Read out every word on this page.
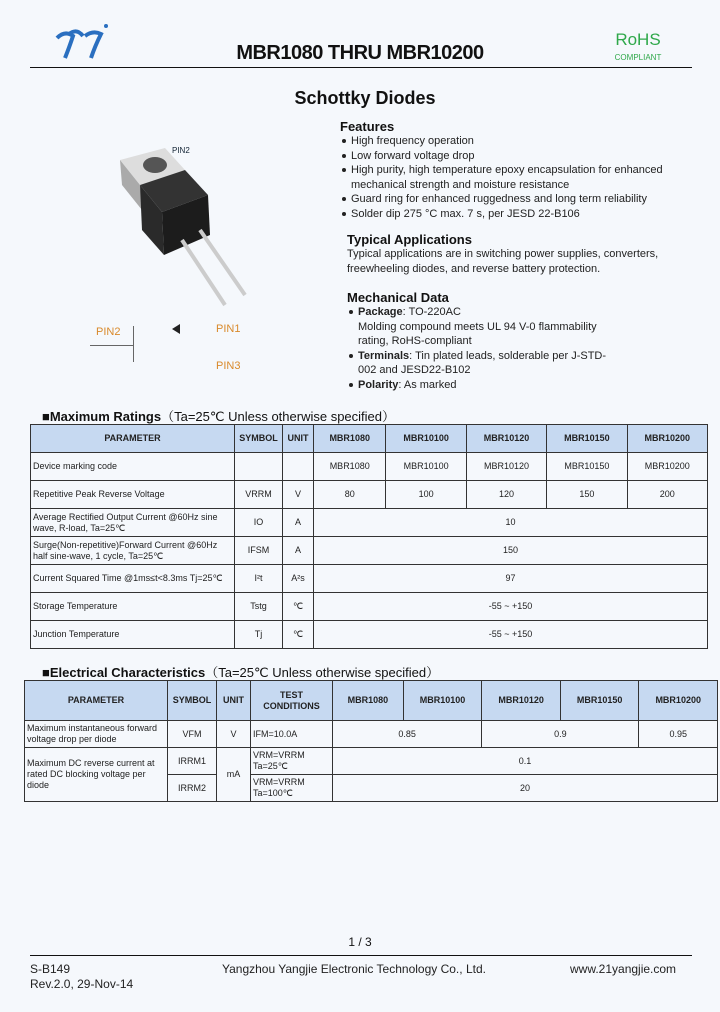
MBR1080 THRU MBR10200
RoHS
COMPLIANT
Schottky Diodes
PIN2
PIN2	PIN1
PIN3
Features
High frequency operation
Low forward voltage drop
High purity, high temperature epoxy encapsulation for enhanced mechanical strength and moisture resistance
Guard ring for enhanced ruggedness and long term reliability
Solder dip 275 °C max. 7 s, per JESD 22-B106
Typical Applications
Typical applications are in switching power supplies, converters, freewheeling diodes, and reverse battery protection.
Mechanical Data
Package: TO-220AC
Molding compound meets UL 94 V-0 flammability rating, RoHS-compliant
Terminals: Tin plated leads, solderable per J-STD-002 and JESD22-B102
Polarity: As marked
■Maximum Ratings（Ta=25℃ Unless otherwise specified）
PARAMETER	SYMBOL	UNIT	MBR1080	MBR10100	MBR10120	MBR10150	MBR10200
Device marking code			MBR1080	MBR10100	MBR10120	MBR10150	MBR10200
Repetitive Peak Reverse Voltage	VRRM	V	80	100	120	150	200
Average Rectified Output Current @60Hz sine wave, R-load, Ta=25℃	IO	A	10				
Surge(Non-repetitive)Forward Current @60Hz half sine-wave, 1 cycle, Ta=25℃	IFSM	A	150				
Current Squared Time @1ms≤t<8.3ms Tj=25℃	I²t	A²s	97				
Storage Temperature	Tstg	℃	-55 ~ +150				
Junction Temperature	Tj	℃	-55 ~ +150				
■Electrical Characteristics（Ta=25℃ Unless otherwise specified）
PARAMETER	SYMBOL	UNIT	TEST CONDITIONS	MBR1080	MBR10100	MBR10120	MBR10150	MBR10200
Maximum instantaneous forward voltage drop per diode	VFM	V	IFM=10.0A	0.85		0.9		0.95
Maximum DC reverse current at rated DC blocking voltage per diode	IRRM1	mA	VRM=VRRM Ta=25℃	0.1				
	IRRM2		VRM=VRRM Ta=100℃	20				
1 / 3
S-B149
Rev.2.0, 29-Nov-14
Yangzhou Yangjie Electronic Technology Co., Ltd.	www.21yangjie.com
